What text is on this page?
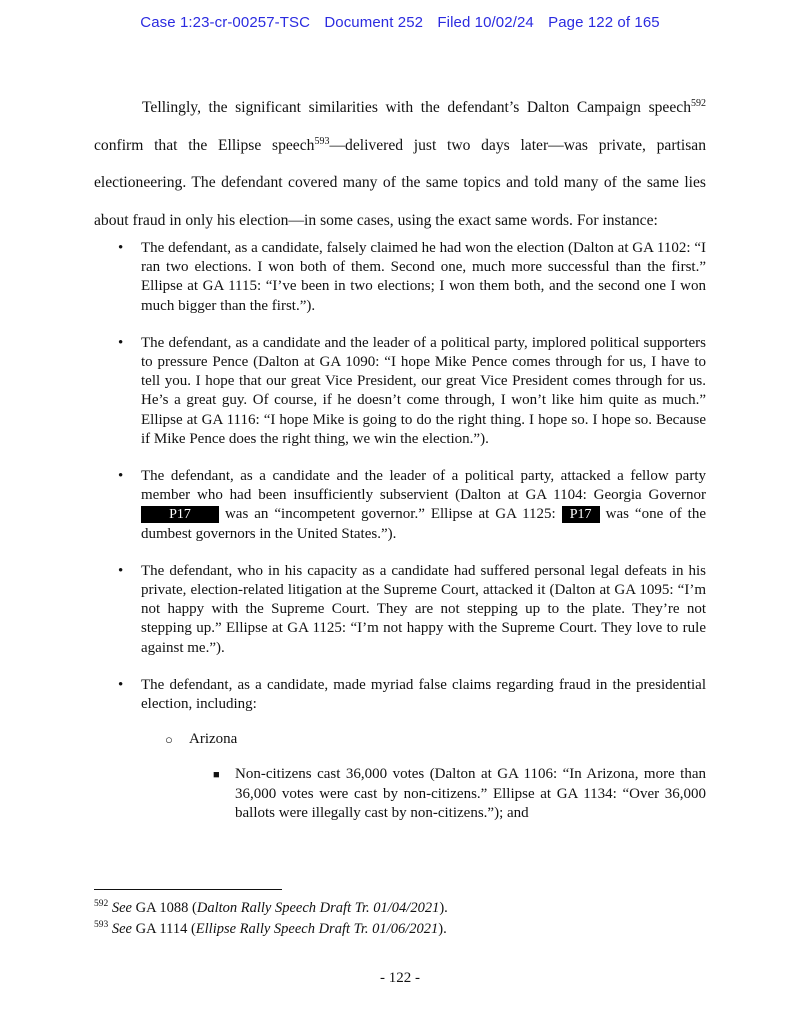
Case 1:23-cr-00257-TSC Document 252 Filed 10/02/24 Page 122 of 165

Tellingly, the significant similarities with the defendant’s Dalton Campaign speech$^{592}$ confirm that the Ellipse speech$^{593}$—delivered just two days later—was private, partisan electioneering. The defendant covered many of the same topics and told many of the same lies about fraud in only his election—in some cases, using the exact same words. For instance:

• The defendant, as a candidate, falsely claimed he had won the election (Dalton at GA 1102: “I ran two elections. I won both of them. Second one, much more successful than the first.” Ellipse at GA 1115: “I’ve been in two elections; I won them both, and the second one I won much bigger than the first.”).
• The defendant, as a candidate and the leader of a political party, implored political supporters to pressure Pence (Dalton at GA 1090: “I hope Mike Pence comes through for us, I have to tell you. I hope that our great Vice President, our great Vice President comes through for us. He’s a great guy. Of course, if he doesn’t come through, I won’t like him quite as much.” Ellipse at GA 1116: “I hope Mike is going to do the right thing. I hope so. I hope so. Because if Mike Pence does the right thing, we win the election.”).
• The defendant, as a candidate and the leader of a political party, attacked a fellow party member who had been insufficiently subservient (Dalton at GA 1104: Georgia Governor P17 was an “incompetent governor.” Ellipse at GA 1125: P17 was “one of the dumbest governors in the United States.”).
• The defendant, who in his capacity as a candidate had suffered personal legal defeats in his private, election-related litigation at the Supreme Court, attacked it (Dalton at GA 1095: “I’m not happy with the Supreme Court. They are not stepping up to the plate. They’re not stepping up.” Ellipse at GA 1125: “I’m not happy with the Supreme Court. They love to rule against me.”).
• The defendant, as a candidate, made myriad false claims regarding fraud in the presidential election, including:
○ Arizona
■ Non-citizens cast 36,000 votes (Dalton at GA 1106: “In Arizona, more than 36,000 votes were cast by non-citizens.” Ellipse at GA 1134: “Over 36,000 ballots were illegally cast by non-citizens.”); and
$^{592}$ See GA 1088 (Dalton Rally Speech Draft Tr. 01/04/2021).
$^{593}$ See GA 1114 (Ellipse Rally Speech Draft Tr. 01/06/2021).
- 122 -
